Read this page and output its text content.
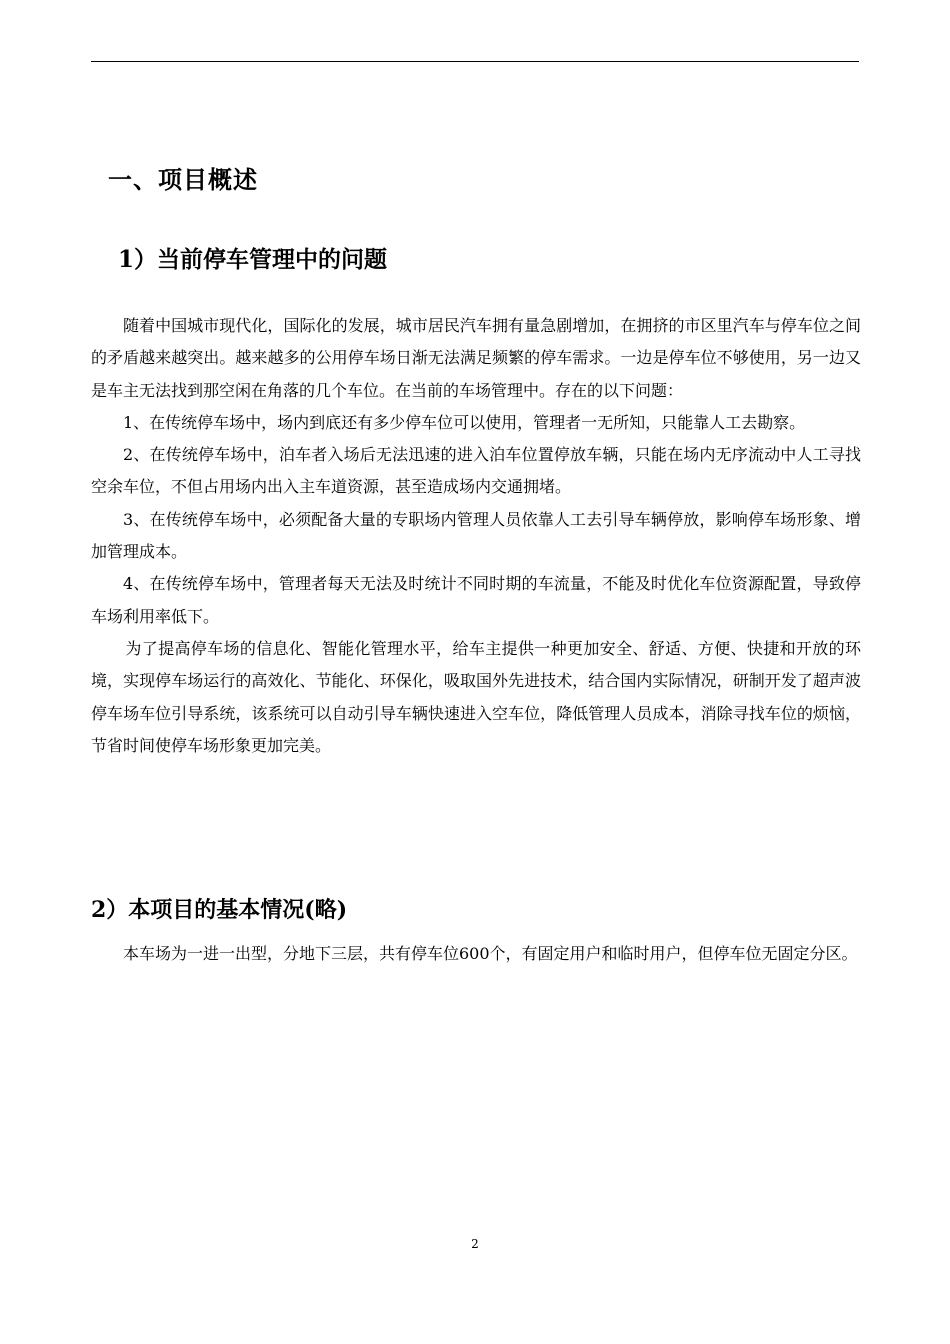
一、项目概述
1）当前停车管理中的问题

随着中国城市现代化，国际化的发展，城市居民汽车拥有量急剧增加，在拥挤的市区里汽车与停车位之间的矛盾越来越突出。越来越多的公用停车场日渐无法满足频繁的停车需求。一边是停车位不够使用，另一边又是车主无法找到那空闲在角落的几个车位。在当前的车场管理中。存在的以下问题：

1、在传统停车场中，场内到底还有多少停车位可以使用，管理者一无所知，只能靠人工去勘察。

2、在传统停车场中，泊车者入场后无法迅速的进入泊车位置停放车辆，只能在场内无序流动中人工寻找空余车位，不但占用场内出入主车道资源，甚至造成场内交通拥堵。

3、在传统停车场中，必须配备大量的专职场内管理人员依靠人工去引导车辆停放，影响停车场形象、增加管理成本。

4、在传统停车场中，管理者每天无法及时统计不同时期的车流量，不能及时优化车位资源配置，导致停车场利用率低下。

为了提高停车场的信息化、智能化管理水平，给车主提供一种更加安全、舒适、方便、快捷和开放的环境，实现停车场运行的高效化、节能化、环保化，吸取国外先进技术，结合国内实际情况，研制开发了超声波停车场车位引导系统，该系统可以自动引导车辆快速进入空车位，降低管理人员成本，消除寻找车位的烦恼，节省时间使停车场形象更加完美。

2）本项目的基本情况(略)

本车场为一进一出型，分地下三层，共有停车位600个，有固定用户和临时用户，但停车位无固定分区。

2
